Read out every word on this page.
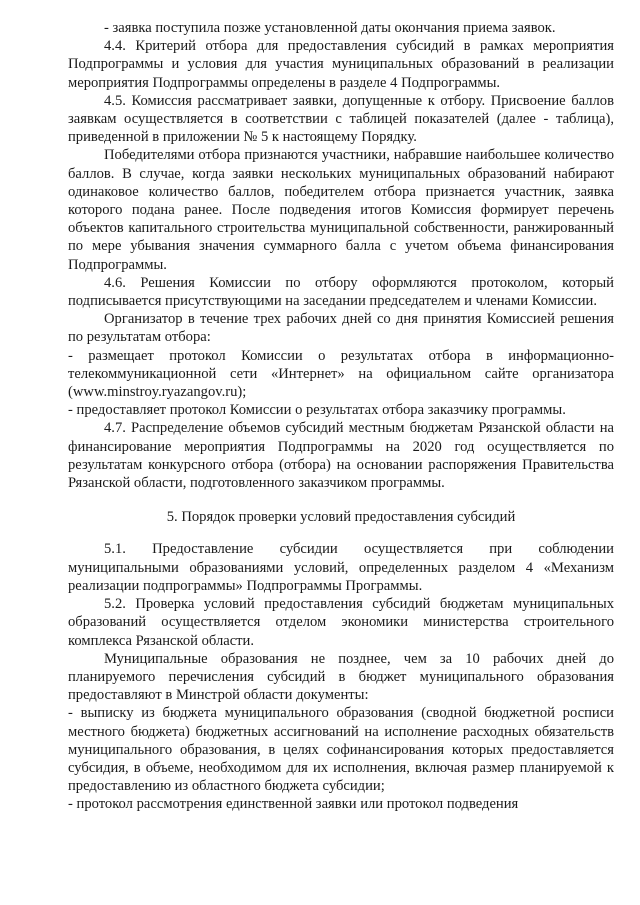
- заявка поступила позже установленной даты окончания приема заявок.

4.4. Критерий отбора для предоставления субсидий в рамках мероприятия Подпрограммы и условия для участия муниципальных образований в реализации мероприятия Подпрограммы определены в разделе 4 Подпрограммы.

4.5. Комиссия рассматривает заявки, допущенные к отбору. Присвоение баллов заявкам осуществляется в соответствии с таблицей показателей (далее - таблица), приведенной в приложении № 5 к настоящему Порядку.

Победителями отбора признаются участники, набравшие наибольшее количество баллов. В случае, когда заявки нескольких муниципальных образований набирают одинаковое количество баллов, победителем отбора признается участник, заявка которого подана ранее. После подведения итогов Комиссия формирует перечень объектов капитального строительства муниципальной собственности, ранжированный по мере убывания значения суммарного балла с учетом объема финансирования Подпрограммы.

4.6. Решения Комиссии по отбору оформляются протоколом, который подписывается присутствующими на заседании председателем и членами Комиссии.

Организатор в течение трех рабочих дней со дня принятия Комиссией решения по результатам отбора:

- размещает протокол Комиссии о результатах отбора в информационно-телекоммуникационной сети «Интернет» на официальном сайте организатора (www.minstroy.ryazangov.ru);

- предоставляет протокол Комиссии о результатах отбора заказчику программы.

4.7. Распределение объемов субсидий местным бюджетам Рязанской области на финансирование мероприятия Подпрограммы на 2020 год осуществляется по результатам конкурсного отбора (отбора) на основании распоряжения Правительства Рязанской области, подготовленного заказчиком программы.

5. Порядок проверки условий предоставления субсидий

5.1. Предоставление субсидии осуществляется при соблюдении муниципальными образованиями условий, определенных разделом 4 «Механизм реализации подпрограммы» Подпрограммы Программы.

5.2. Проверка условий предоставления субсидий бюджетам муниципальных образований осуществляется отделом экономики министерства строительного комплекса Рязанской области.

Муниципальные образования не позднее, чем за 10 рабочих дней до планируемого перечисления субсидий в бюджет муниципального образования предоставляют в Минстрой области документы:

- выписку из бюджета муниципального образования (сводной бюджетной росписи местного бюджета) бюджетных ассигнований на исполнение расходных обязательств муниципального образования, в целях софинансирования которых предоставляется субсидия, в объеме, необходимом для их исполнения, включая размер планируемой к предоставлению из областного бюджета субсидии;

- протокол рассмотрения единственной заявки или протокол подведения
